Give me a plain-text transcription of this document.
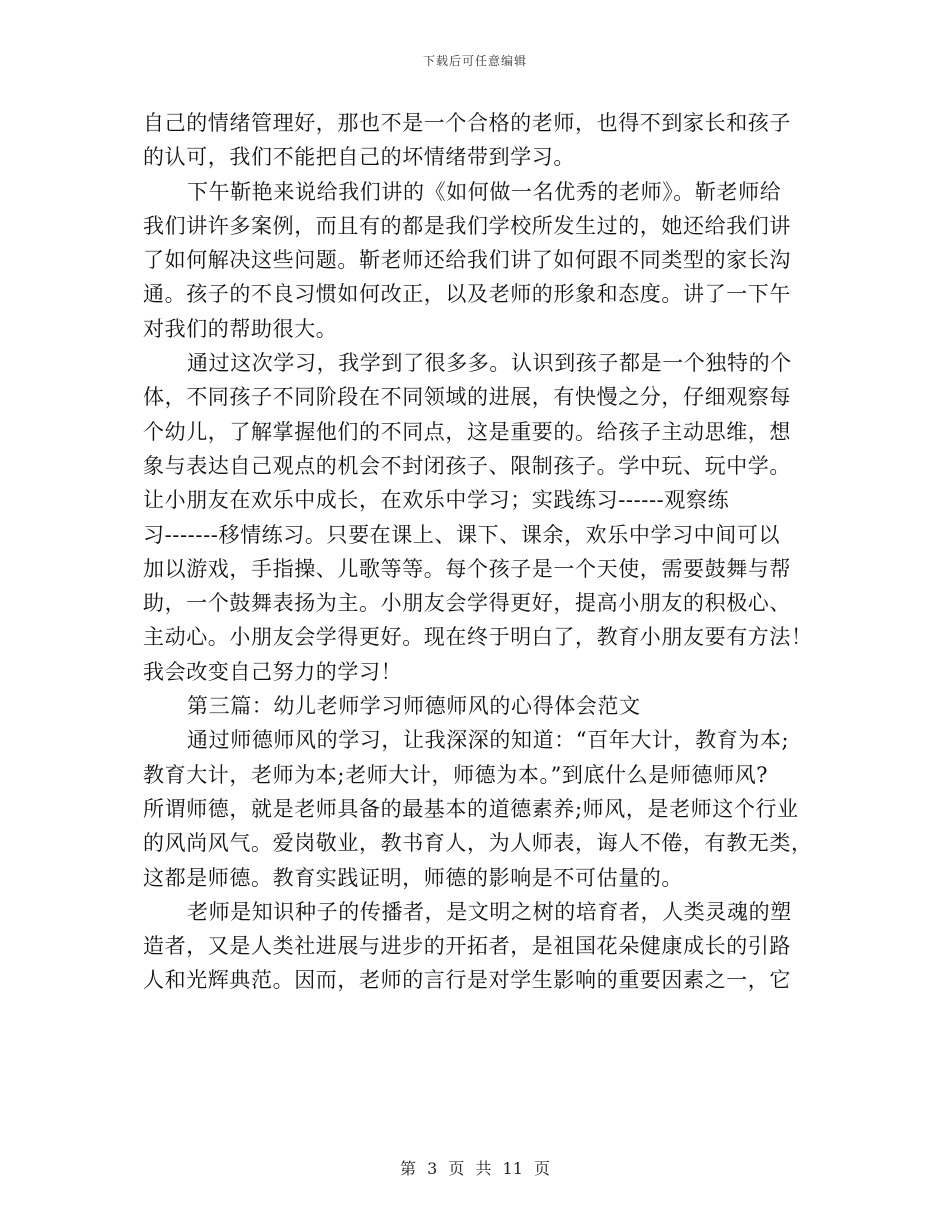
下载后可任意编辑
自己的情绪管理好，那也不是一个合格的老师，也得不到家长和孩子
的认可，我们不能把自己的坏情绪带到学习。
下午靳艳来说给我们讲的《如何做一名优秀的老师》。靳老师给
我们讲许多案例，而且有的都是我们学校所发生过的，她还给我们讲
了如何解决这些问题。靳老师还给我们讲了如何跟不同类型的家长沟
通。孩子的不良习惯如何改正，以及老师的形象和态度。讲了一下午
对我们的帮助很大。
通过这次学习，我学到了很多多。认识到孩子都是一个独特的个
体，不同孩子不同阶段在不同领域的进展，有快慢之分，仔细观察每
个幼儿，了解掌握他们的不同点，这是重要的。给孩子主动思维，想
象与表达自己观点的机会不封闭孩子、限制孩子。学中玩、玩中学。
让小朋友在欢乐中成长，在欢乐中学习；实践练习------观察练
习-------移情练习。只要在课上、课下、课余，欢乐中学习中间可以
加以游戏，手指操、儿歌等等。每个孩子是一个天使，需要鼓舞与帮
助，一个鼓舞表扬为主。小朋友会学得更好，提高小朋友的积极心、
主动心。小朋友会学得更好。现在终于明白了，教育小朋友要有方法！
我会改变自己努力的学习！
第三篇：幼儿老师学习师德师风的心得体会范文
通过师德师风的学习，让我深深的知道：“百年大计，教育为本;
教育大计，老师为本;老师大计，师德为本。”到底什么是师德师风?
所谓师德，就是老师具备的最基本的道德素养;师风，是老师这个行业
的风尚风气。爱岗敬业，教书育人，为人师表，诲人不倦，有教无类，
这都是师德。教育实践证明，师德的影响是不可估量的。
老师是知识种子的传播者，是文明之树的培育者，人类灵魂的塑
造者，又是人类社进展与进步的开拓者，是祖国花朵健康成长的引路
人和光辉典范。因而，老师的言行是对学生影响的重要因素之一，它
第 3 页 共 11 页
